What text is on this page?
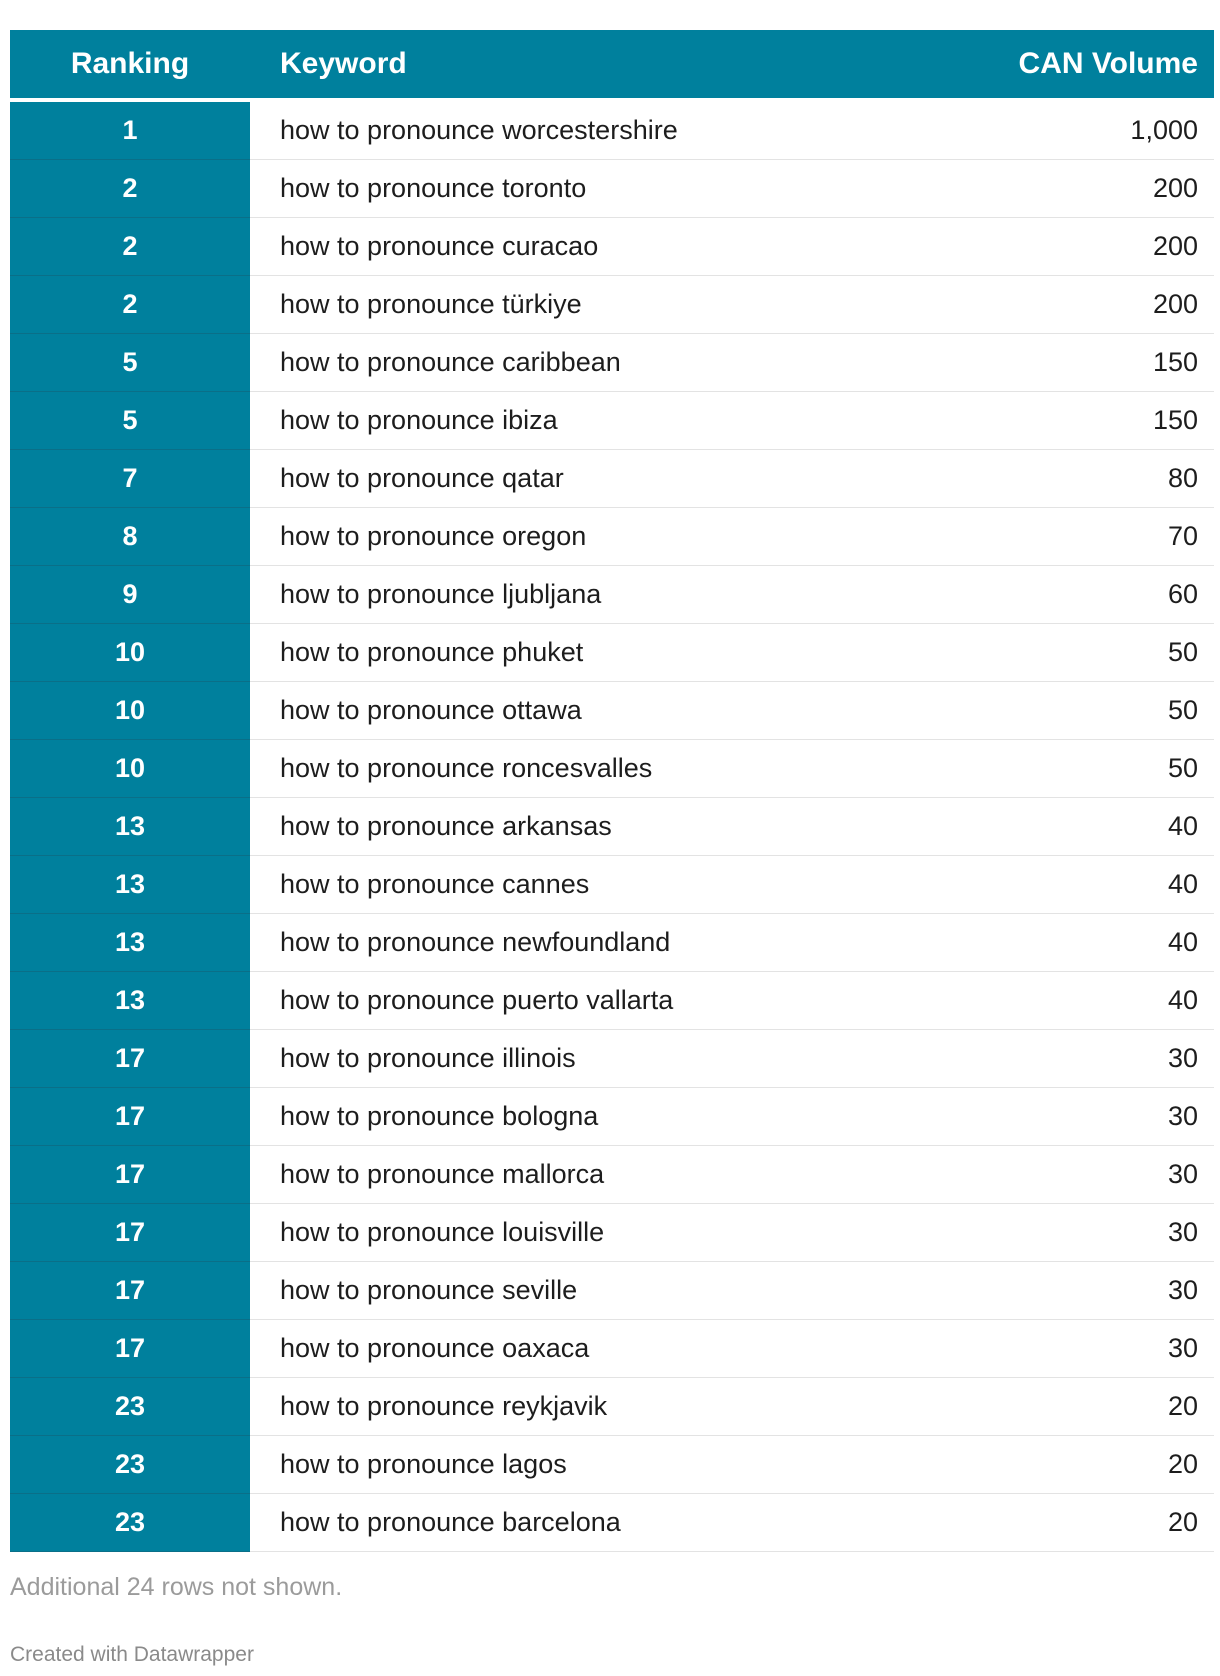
Ranking	Keyword	CAN Volume
1	how to pronounce worcestershire	1,000
2	how to pronounce toronto	200
2	how to pronounce curacao	200
2	how to pronounce türkiye	200
5	how to pronounce caribbean	150
5	how to pronounce ibiza	150
7	how to pronounce qatar	80
8	how to pronounce oregon	70
9	how to pronounce ljubljana	60
10	how to pronounce phuket	50
10	how to pronounce ottawa	50
10	how to pronounce roncesvalles	50
13	how to pronounce arkansas	40
13	how to pronounce cannes	40
13	how to pronounce newfoundland	40
13	how to pronounce puerto vallarta	40
17	how to pronounce illinois	30
17	how to pronounce bologna	30
17	how to pronounce mallorca	30
17	how to pronounce louisville	30
17	how to pronounce seville	30
17	how to pronounce oaxaca	30
23	how to pronounce reykjavik	20
23	how to pronounce lagos	20
23	how to pronounce barcelona	20
Additional 24 rows not shown.
Created with Datawrapper
